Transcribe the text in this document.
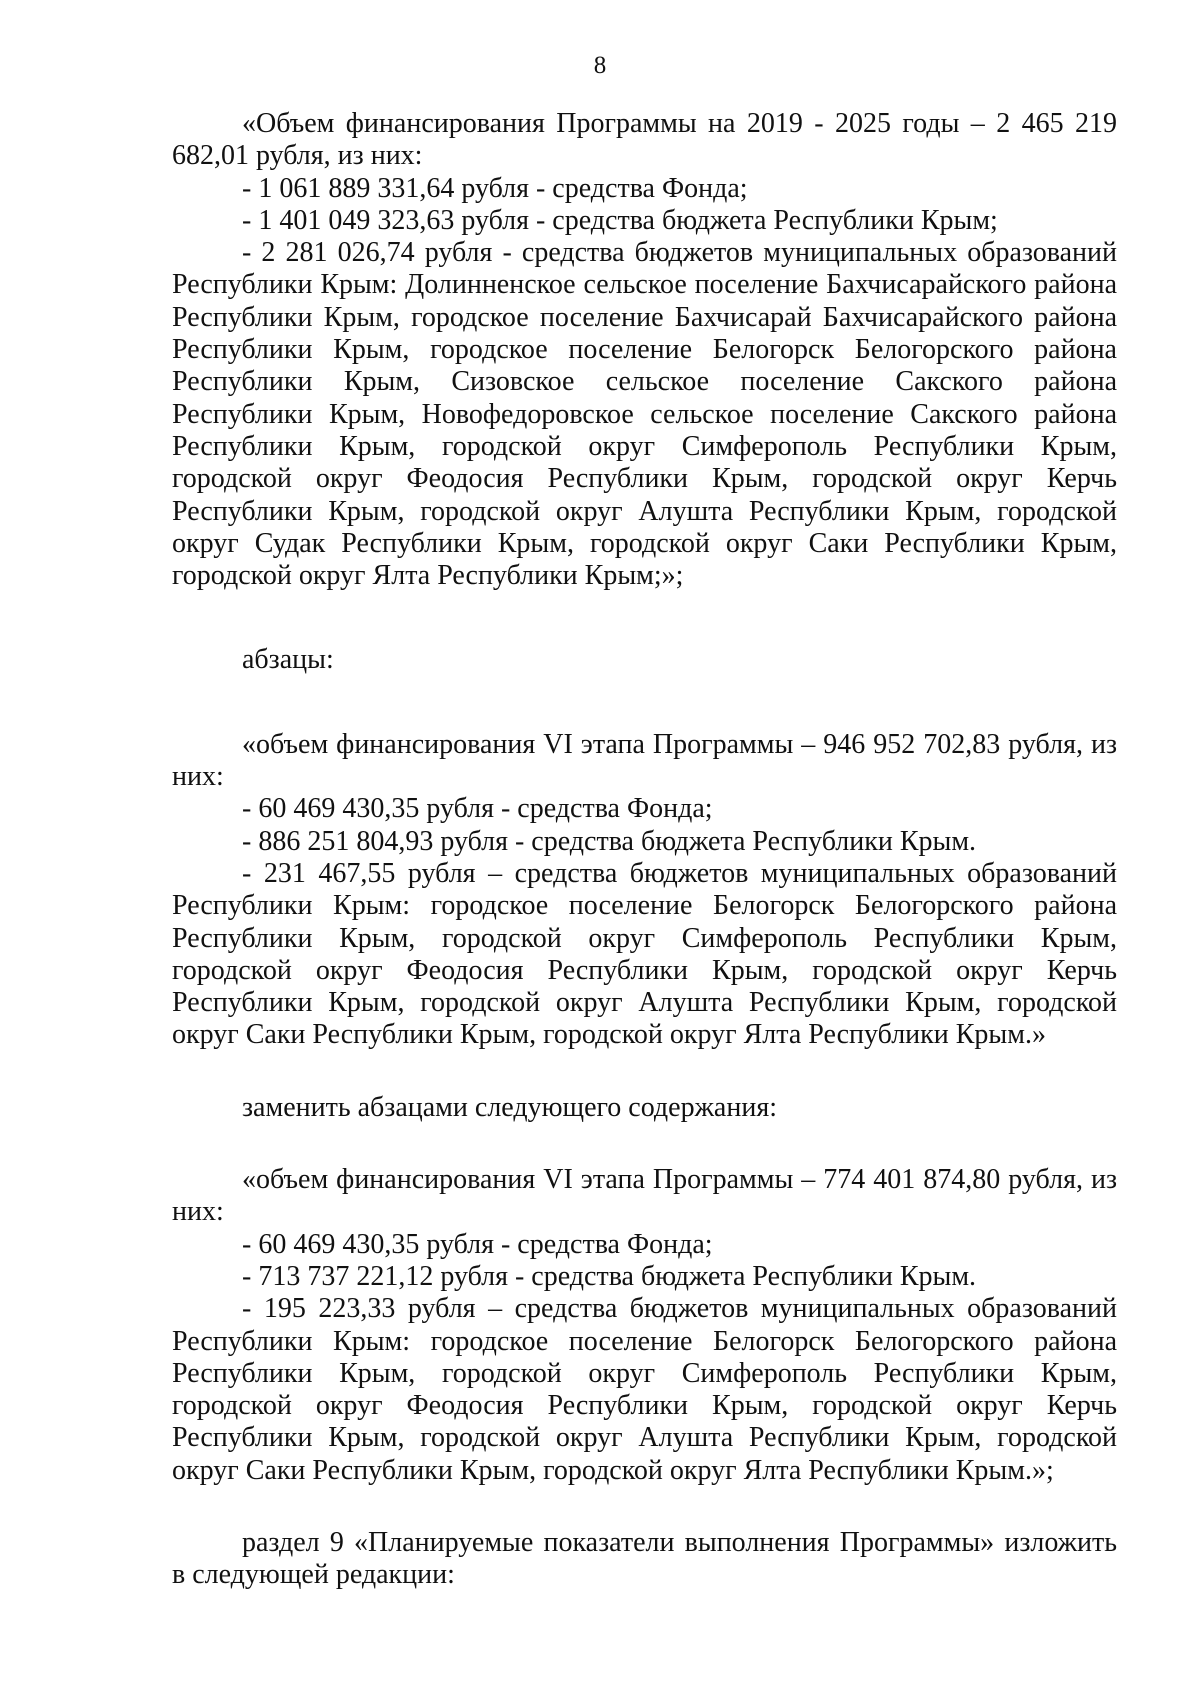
8

«Объем финансирования Программы на 2019 - 2025 годы – 2 465 219 682,01 рубля, из них:

- 1 061 889 331,64 рубля - средства Фонда;

- 1 401 049 323,63 рубля - средства бюджета Республики Крым;

- 2 281 026,74 рубля - средства бюджетов муниципальных образований Республики Крым: Долинненское сельское поселение Бахчисарайского района Республики Крым, городское поселение Бахчисарай Бахчисарайского района Республики Крым, городское поселение Белогорск Белогорского района Республики Крым, Сизовское сельское поселение Сакского района Республики Крым, Новофедоровское сельское поселение Сакского района Республики Крым, городской округ Симферополь Республики Крым, городской округ Феодосия Республики Крым, городской округ Керчь Республики Крым, городской округ Алушта Республики Крым, городской округ Судак Республики Крым, городской округ Саки Республики Крым, городской округ Ялта Республики Крым;»;

абзацы:

«объем финансирования VI этапа Программы – 946 952 702,83 рубля, из них:

- 60 469 430,35 рубля - средства Фонда;

- 886 251 804,93 рубля - средства бюджета Республики Крым.

- 231 467,55 рубля – средства бюджетов муниципальных образований Республики Крым: городское поселение Белогорск Белогорского района Республики Крым, городской округ Симферополь Республики Крым, городской округ Феодосия Республики Крым, городской округ Керчь Республики Крым, городской округ Алушта Республики Крым, городской округ Саки Республики Крым, городской округ Ялта Республики Крым.»

заменить абзацами следующего содержания:

«объем финансирования VI этапа Программы – 774 401 874,80 рубля, из них:

- 60 469 430,35 рубля - средства Фонда;

- 713 737 221,12 рубля - средства бюджета Республики Крым.

- 195 223,33 рубля – средства бюджетов муниципальных образований Республики Крым: городское поселение Белогорск Белогорского района Республики Крым, городской округ Симферополь Республики Крым, городской округ Феодосия Республики Крым, городской округ Керчь Республики Крым, городской округ Алушта Республики Крым, городской округ Саки Республики Крым, городской округ Ялта Республики Крым.»;

раздел 9 «Планируемые показатели выполнения Программы» изложить в следующей редакции:
